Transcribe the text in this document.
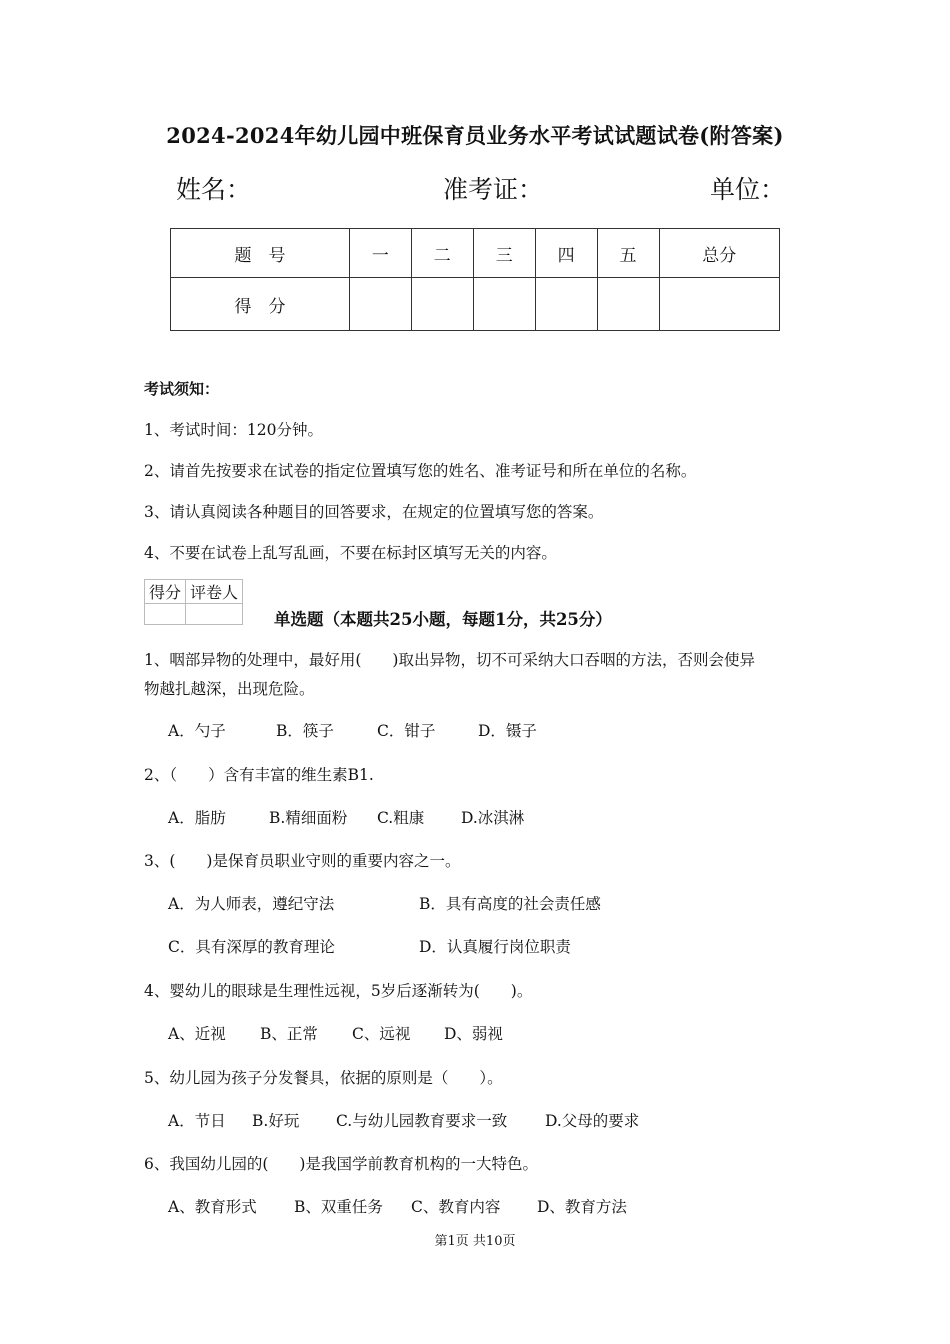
2024-2024年幼儿园中班保育员业务水平考试试题试卷(附答案)
姓名：	准考证：	单位：
题　号	一	二	三	四	五	总分
得　分						
考试须知：
1、考试时间：120分钟。
2、请首先按要求在试卷的指定位置填写您的姓名、准考证号和所在单位的名称。
3、请认真阅读各种题目的回答要求，在规定的位置填写您的答案。
4、不要在试卷上乱写乱画，不要在标封区填写无关的内容。
得分	评卷人

单选题（本题共25小题，每题1分，共25分）
1、咽部异物的处理中，最好用(　　)取出异物，切不可采纳大口吞咽的方法，否则会使异
物越扎越深，出现危险。
A．勺子	B．筷子	C．钳子	D．镊子
2、（　　）含有丰富的维生素B1.
A．脂肪	B.精细面粉 C.粗康 D.冰淇淋
3、(　　)是保育员职业守则的重要内容之一。
A．为人师表，遵纪守法	B．具有高度的社会责任感
C．具有深厚的教育理论	D．认真履行岗位职责
4、婴幼儿的眼球是生理性远视，5岁后逐渐转为(　　)。
A、近视 B、正常 C、远视 D、弱视
5、幼儿园为孩子分发餐具，依据的原则是（　　）。
A．节日 B.好玩 C.与幼儿园教育要求一致 D.父母的要求
6、我国幼儿园的(　　)是我国学前教育机构的一大特色。
A、教育形式 B、双重任务 C、教育内容 D、教育方法
第1页 共10页
